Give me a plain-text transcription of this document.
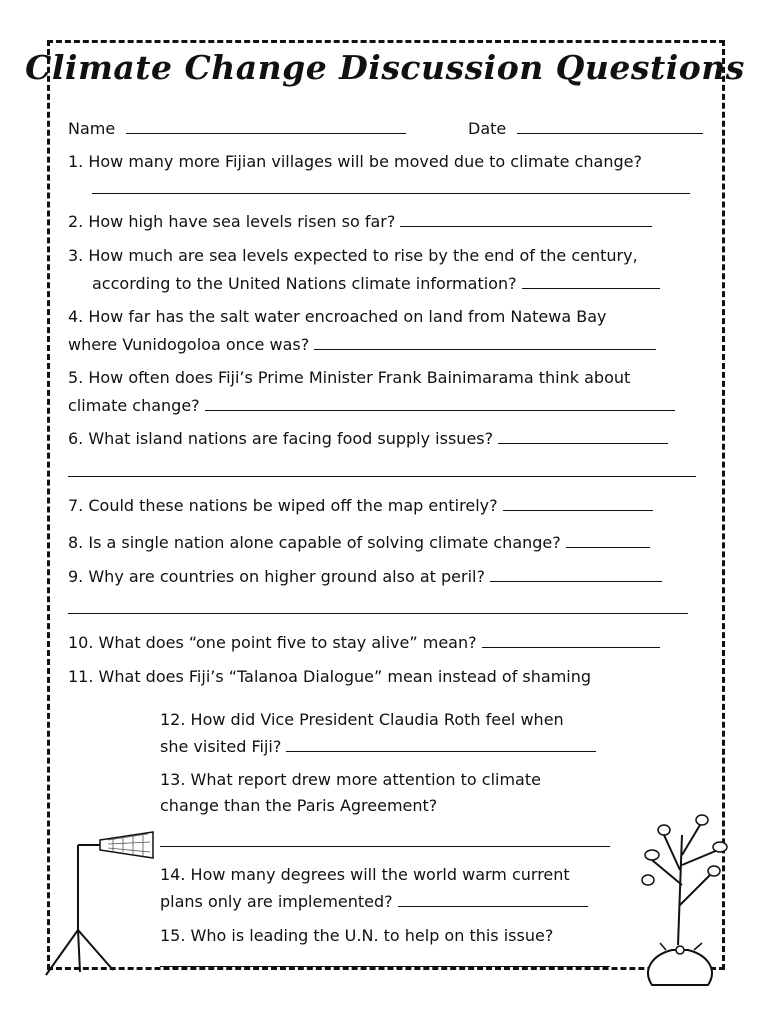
Climate Change Discussion Questions
Name	Date
1. How many more Fijian villages will be moved due to climate change?
2. How high have sea levels risen so far?
3. How much are sea levels expected to rise by the end of the century,
according to the United Nations climate information?
4. How far has the salt water encroached on land from Natewa Bay
where Vunidogoloa once was?
5. How often does Fiji’s Prime Minister Frank Bainimarama think about
climate change?
6. What island nations are facing food supply issues?
7. Could these nations be wiped off the map entirely?
8. Is a single nation alone capable of solving climate change?
9. Why are countries on higher ground also at peril?
10. What does “one point five to stay alive” mean?
11. What does Fiji’s “Talanoa Dialogue” mean instead of shaming
12. How did Vice President Claudia Roth feel when
she visited Fiji?
13. What report drew more attention to climate
change than the Paris Agreement?
14. How many degrees will the world warm current
plans only are implemented?
15. Who is leading the U.N. to help on this issue?
